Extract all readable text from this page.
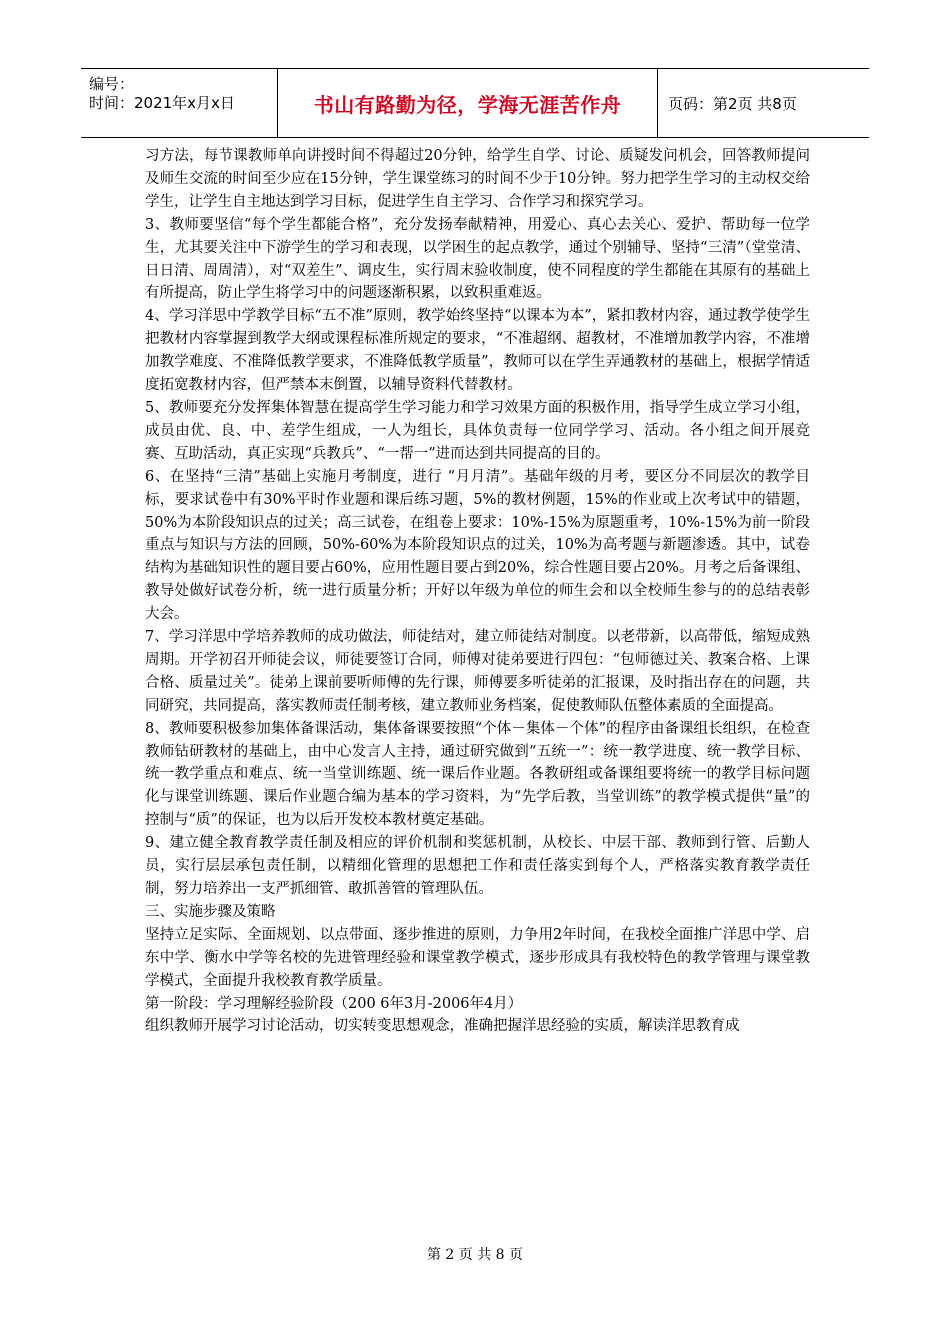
编号：
时间：2021年x月x日	书山有路勤为径，学海无涯苦作舟	页码：第2页 共8页

习方法，每节课教师单向讲授时间不得超过20分钟，给学生自学、讨论、质疑发问机会，回答教师提问及师生交流的时间至少应在15分钟，学生课堂练习的时间不少于10分钟。努力把学生学习的主动权交给学生，让学生自主地达到学习目标，促进学生自主学习、合作学习和探究学习。

3、教师要坚信“每个学生都能合格”，充分发扬奉献精神，用爱心、真心去关心、爱护、帮助每一位学生，尤其要关注中下游学生的学习和表现，以学困生的起点教学，通过个别辅导、坚持“三清”（堂堂清、日日清、周周清），对“双差生”、调皮生，实行周末验收制度，使不同程度的学生都能在其原有的基础上有所提高，防止学生将学习中的问题逐渐积累，以致积重难返。

4、学习洋思中学教学目标“五不准”原则，教学始终坚持“以课本为本”，紧扣教材内容，通过教学使学生把教材内容掌握到教学大纲或课程标准所规定的要求，“不准超纲、超教材，不准增加教学内容，不准增加教学难度、不准降低教学要求，不准降低教学质量”，教师可以在学生弄通教材的基础上，根据学情适度拓宽教材内容，但严禁本末倒置，以辅导资料代替教材。

5、教师要充分发挥集体智慧在提高学生学习能力和学习效果方面的积极作用，指导学生成立学习小组，成员由优、良、中、差学生组成，一人为组长，具体负责每一位同学学习、活动。各小组之间开展竞赛、互助活动，真正实现“兵教兵”、“一帮一”进而达到共同提高的目的。

6、在坚持“三清”基础上实施月考制度，进行 “月月清”。基础年级的月考，要区分不同层次的教学目标，要求试卷中有30%平时作业题和课后练习题，5%的教材例题，15%的作业或上次考试中的错题，50%为本阶段知识点的过关；高三试卷，在组卷上要求：10%-15%为原题重考，10%-15%为前一阶段重点与知识与方法的回顾，50%-60%为本阶段知识点的过关，10%为高考题与新题渗透。其中，试卷结构为基础知识性的题目要占60%，应用性题目要占到20%，综合性题目要占20%。月考之后备课组、教导处做好试卷分析，统一进行质量分析；开好以年级为单位的师生会和以全校师生参与的的总结表彰大会。

7、学习洋思中学培养教师的成功做法，师徒结对，建立师徒结对制度。以老带新，以高带低，缩短成熟周期。开学初召开师徒会议，师徒要签订合同，师傅对徒弟要进行四包：“包师德过关、教案合格、上课合格、质量过关”。徒弟上课前要听师傅的先行课，师傅要多听徒弟的汇报课，及时指出存在的问题，共同研究，共同提高，落实教师责任制考核，建立教师业务档案，促使教师队伍整体素质的全面提高。

8、教师要积极参加集体备课活动，集体备课要按照“个体－集体－个体”的程序由备课组长组织，在检查教师钻研教材的基础上，由中心发言人主持，通过研究做到“五统一”：统一教学进度、统一教学目标、统一教学重点和难点、统一当堂训练题、统一课后作业题。各教研组或备课组要将统一的教学目标问题化与课堂训练题、课后作业题合编为基本的学习资料，为“先学后教，当堂训练”的教学模式提供“量”的控制与“质”的保证，也为以后开发校本教材奠定基础。

9、建立健全教育教学责任制及相应的评价机制和奖惩机制，从校长、中层干部、教师到行管、后勤人员，实行层层承包责任制，以精细化管理的思想把工作和责任落实到每个人，严格落实教育教学责任制，努力培养出一支严抓细管、敢抓善管的管理队伍。

三、实施步骤及策略

坚持立足实际、全面规划、以点带面、逐步推进的原则，力争用2年时间，在我校全面推广洋思中学、启东中学、衡水中学等名校的先进管理经验和课堂教学模式，逐步形成具有我校特色的教学管理与课堂教学模式，全面提升我校教育教学质量。

第一阶段：学习理解经验阶段（200 6年3月-2006年4月）

组织教师开展学习讨论活动，切实转变思想观念，准确把握洋思经验的实质，解读洋思教育成

第 2 页 共 8 页
